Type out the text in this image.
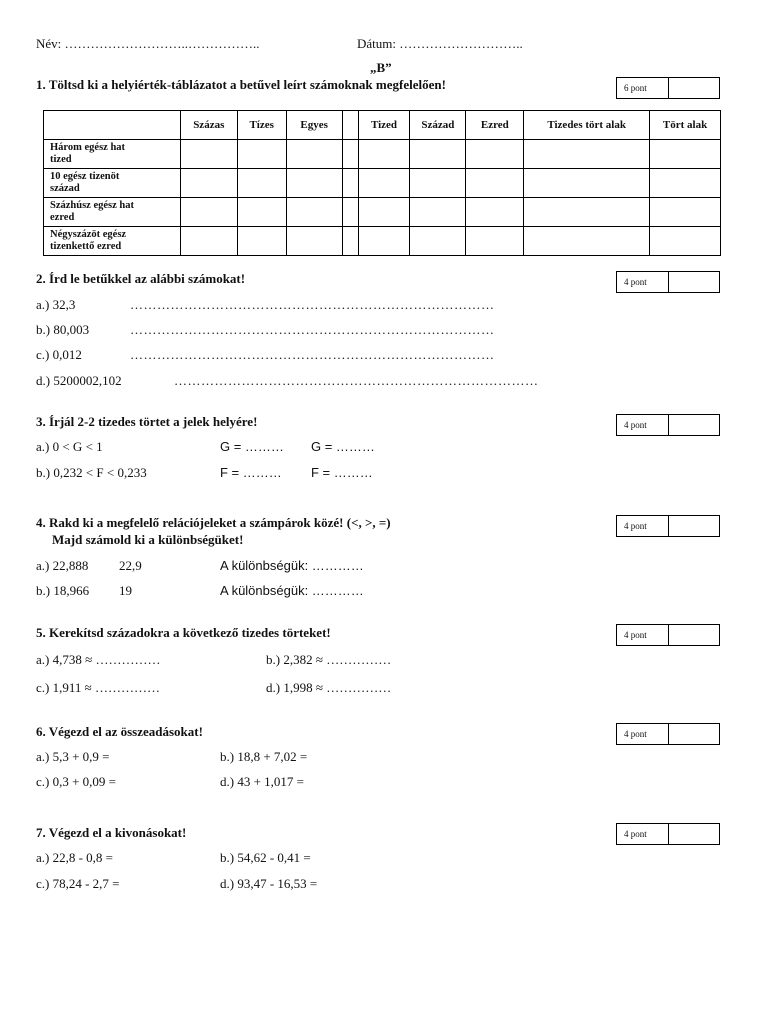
Név: ………………………..……………..	Dátum: ………………………..
„B”
1. Töltsd ki a helyiérték-táblázatot a betűvel leírt számoknak megfelelően!	6 pont
	Százas	Tízes	Egyes		Tized	Század	Ezred	Tizedes tört alak	Tört alak
Három egész hat tized									
10 egész tizenöt század									
Százhúsz egész hat ezred									
Négyszázöt egész tizenkettő ezred									
2. Írd le betűkkel az alábbi számokat!	4 pont
a.) 32,3	………………………………………………………………………
b.) 80,003	………………………………………………………………………
c.) 0,012	………………………………………………………………………
d.) 5200002,102	………………………………………………………………………
3. Írjál 2-2 tizedes törtet a jelek helyére!	4 pont
a.) 0 < G < 1	G = ……… G = ………
b.) 0,232 < F < 0,233	F = ……… F = ………
4. Rakd ki a megfelelő relációjeleket a számpárok közé! (<, >, =)
Majd számold ki a különbségüket!
4 pont
a.) 22,888 22,9	A különbségük: …………
b.) 18,966 19	A különbségük: …………
5. Kerekítsd századokra a következő tizedes törteket!	4 pont
a.) 4,738 ≈ ……………	b.) 2,382 ≈ ……………
c.) 1,911 ≈ ……………	d.) 1,998 ≈ ……………
6. Végezd el az összeadásokat!	4 pont
a.) 5,3 + 0,9 =	b.) 18,8 + 7,02 =
c.) 0,3 + 0,09 =	d.) 43 + 1,017 =
7. Végezd el a kivonásokat!	4 pont
a.) 22,8 - 0,8 =	b.) 54,62 - 0,41 =
c.) 78,24 - 2,7 =	d.) 93,47 - 16,53 =
